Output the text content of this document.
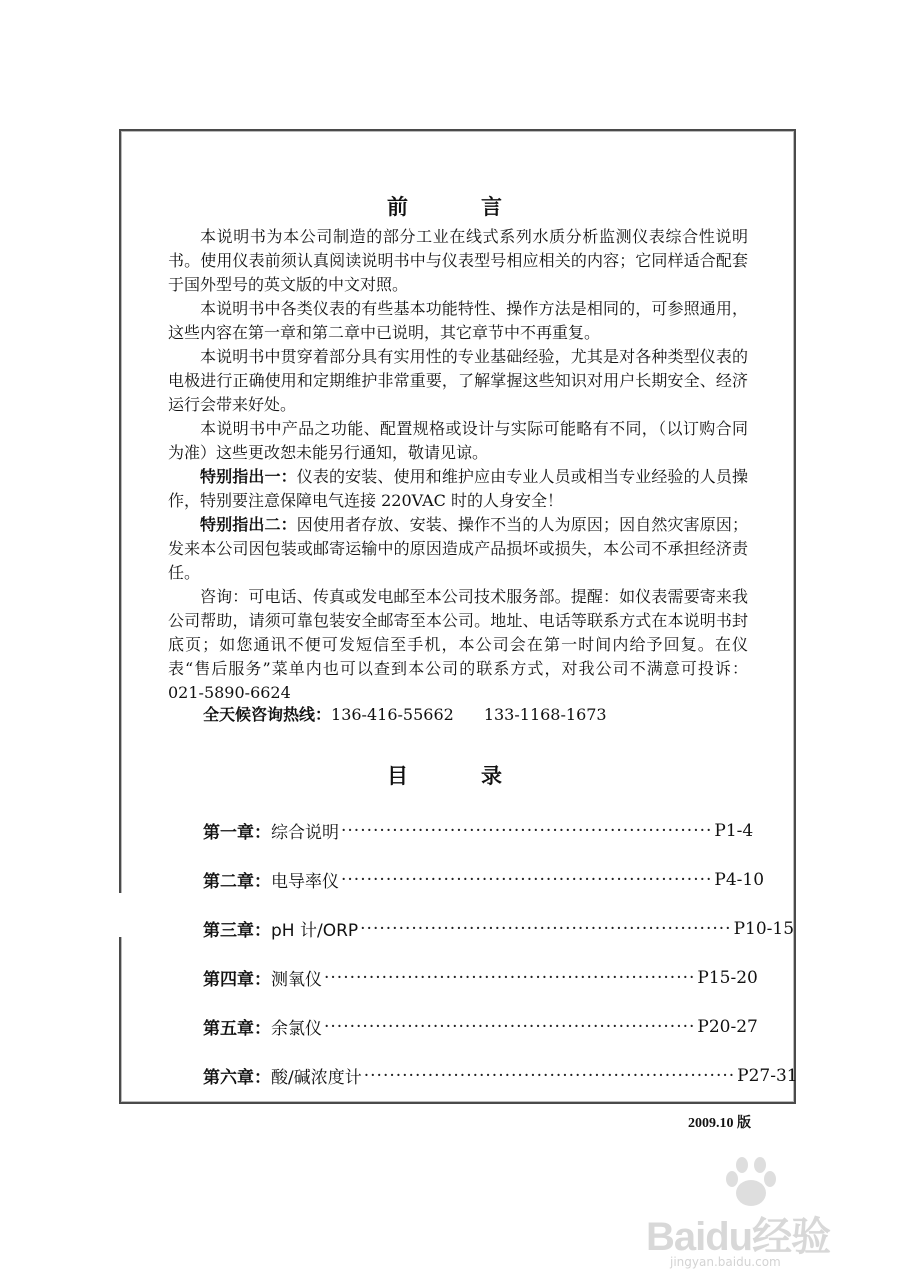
前　言

本说明书为本公司制造的部分工业在线式系列水质分析监测仪表综合性说明书。使用仪表前须认真阅读说明书中与仪表型号相应相关的内容；它同样适合配套于国外型号的英文版的中文对照。

本说明书中各类仪表的有些基本功能特性、操作方法是相同的，可参照通用，这些内容在第一章和第二章中已说明，其它章节中不再重复。

本说明书中贯穿着部分具有实用性的专业基础经验，尤其是对各种类型仪表的电极进行正确使用和定期维护非常重要，了解掌握这些知识对用户长期安全、经济运行会带来好处。

本说明书中产品之功能、配置规格或设计与实际可能略有不同，（以订购合同为准）这些更改恕未能另行通知，敬请见谅。

特别指出一：仪表的安装、使用和维护应由专业人员或相当专业经验的人员操作，特别要注意保障电气连接 220VAC 时的人身安全！

特别指出二：因使用者存放、安装、操作不当的人为原因；因自然灾害原因；发来本公司因包装或邮寄运输中的原因造成产品损坏或损失，本公司不承担经济责任。

咨询：可电话、传真或发电邮至本公司技术服务部。提醒：如仪表需要寄来我公司帮助，请须可靠包装安全邮寄至本公司。地址、电话等联系方式在本说明书封底页；如您通讯不便可发短信至手机，本公司会在第一时间内给予回复。在仪表“售后服务”菜单内也可以查到本公司的联系方式，对我公司不满意可投诉：021-5890-6624

全天候咨询热线：136-416-55662 133-1168-1673
目　录
第一章： 综合说明 ·························································· P1-4
第二章： 电导率仪 ·························································· P4-10
第三章： pH 计/ORP ·························································· P10-15
第四章： 测氧仪 ·························································· P15-20
第五章： 余氯仪 ·························································· P20-27
第六章： 酸/碱浓度计 ·························································· P27-31
2009.10 版
Baidu经验
jingyan.baidu.com
